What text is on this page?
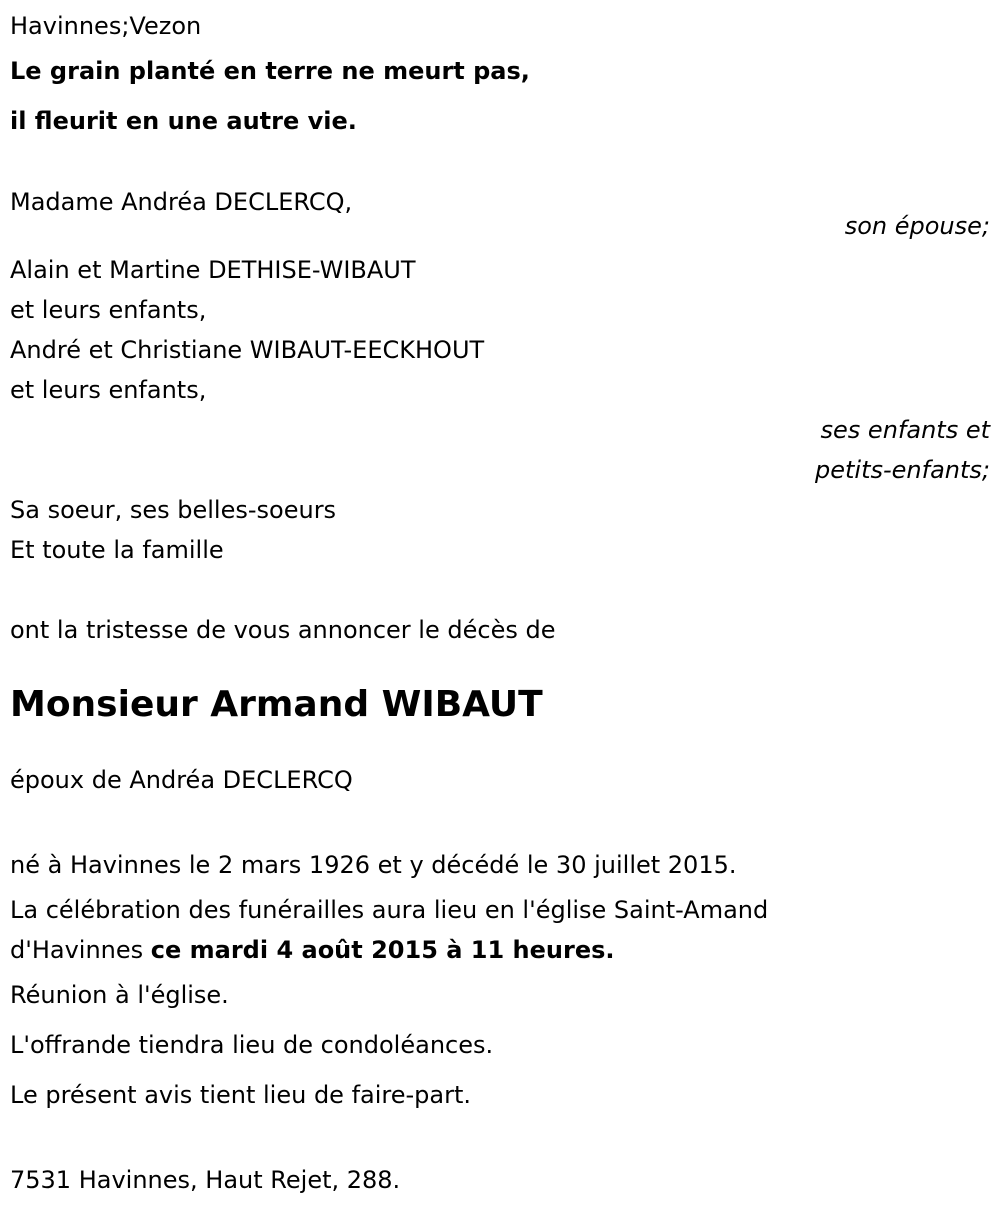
Havinnes;Vezon
Le grain planté en terre ne meurt pas,
il fleurit en une autre vie.
Madame Andréa DECLERCQ,
son épouse;
Alain et Martine DETHISE-WIBAUT
et leurs enfants,
André et Christiane WIBAUT-EECKHOUT
et leurs enfants,
ses enfants et
petits-enfants;
Sa soeur, ses belles-soeurs
Et toute la famille
ont la tristesse de vous annoncer le décès de
Monsieur Armand WIBAUT
époux de Andréa DECLERCQ
né à Havinnes le 2 mars 1926 et y décédé le 30 juillet 2015.
La célébration des funérailles aura lieu en l'église Saint-Amand
d'Havinnes ce mardi 4 août 2015 à 11 heures.
Réunion à l'église.
L'offrande tiendra lieu de condoléances.
Le présent avis tient lieu de faire-part.
7531 Havinnes, Haut Rejet, 288.
